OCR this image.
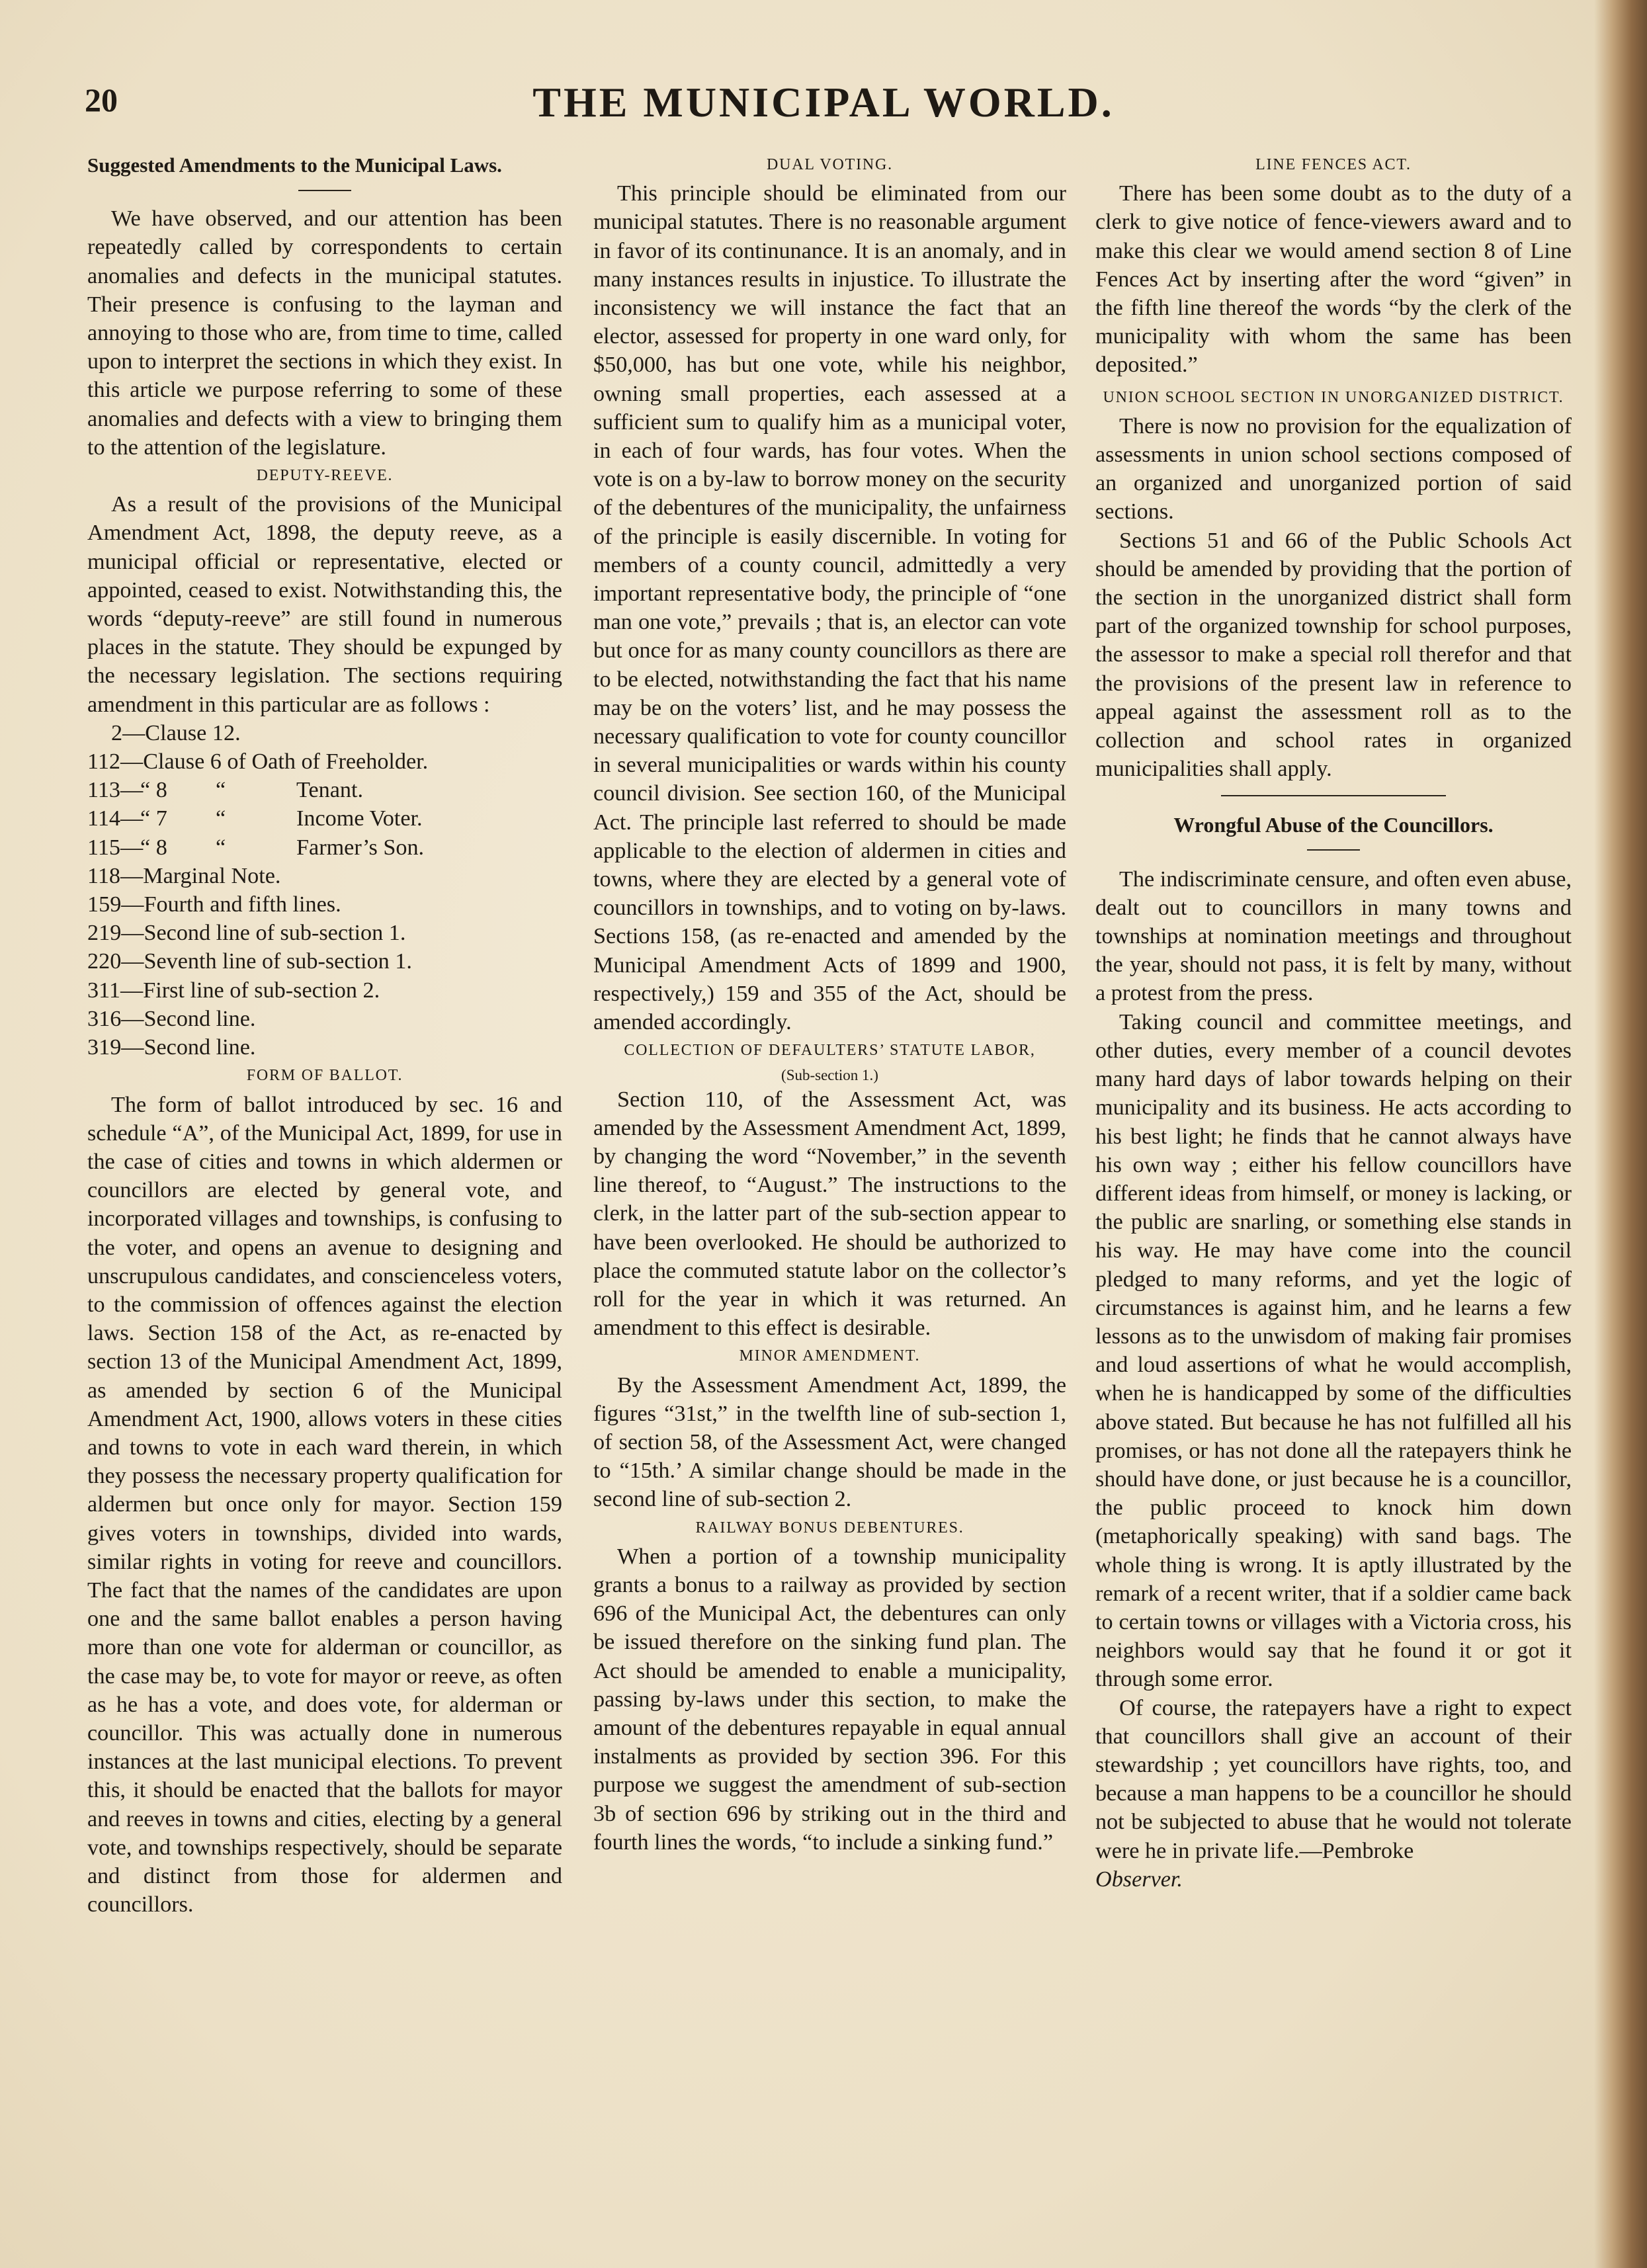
20	THE MUNICIPAL WORLD.
Suggested Amendments to the Municipal Laws.

We have observed, and our attention has been repeatedly called by correspondents to certain anomalies and defects in the municipal statutes. Their presence is confusing to the layman and annoying to those who are, from time to time, called upon to interpret the sections in which they exist. In this article we purpose referring to some of these anomalies and defects with a view to bringing them to the attention of the legislature.

DEPUTY-REEVE.

As a result of the provisions of the Municipal Amendment Act, 1898, the deputy reeve, as a municipal official or representative, elected or appointed, ceased to exist. Notwithstanding this, the words “deputy-reeve” are still found in numerous places in the statute. They should be expunged by the necessary legislation. The sections requiring amendment in this particular are as follows :

2—Clause 12.
112—Clause 6 of Oath of Freeholder.
113—“ 8 “	Tenant.
114—“ 7 “	Income Voter.
115—“ 8 “	Farmer’s Son.
118—Marginal Note.
159—Fourth and fifth lines.
219—Second line of sub-section 1.
220—Seventh line of sub-section 1.
311—First line of sub-section 2.
316—Second line.
319—Second line.
FORM OF BALLOT.

The form of ballot introduced by sec. 16 and schedule “A”, of the Municipal Act, 1899, for use in the case of cities and towns in which aldermen or councillors are elected by general vote, and incorporated villages and townships, is confusing to the voter, and opens an avenue to designing and unscrupulous candidates, and conscienceless voters, to the commission of offences against the election laws. Section 158 of the Act, as re-enacted by section 13 of the Municipal Amendment Act, 1899, as amended by section 6 of the Municipal Amendment Act, 1900, allows voters in these cities and towns to vote in each ward therein, in which they possess the necessary property qualification for aldermen but once only for mayor. Section 159 gives voters in townships, divided into wards, similar rights in voting for reeve and councillors. The fact that the names of the candidates are upon one and the same ballot enables a person having more than one vote for alderman or councillor, as the case may be, to vote for mayor or reeve, as often as he has a vote, and does vote, for alderman or councillor. This was actually done in numerous instances at the last municipal elections. To prevent this, it should be enacted that the ballots for mayor and reeves in towns and cities, electing by a general vote, and townships respectively, should be separate and distinct from those for aldermen and councillors.

DUAL VOTING.

This principle should be eliminated from our municipal statutes. There is no reasonable argument in favor of its continunance. It is an anomaly, and in many instances results in injustice. To illustrate the inconsistency we will instance the fact that an elector, assessed for property in one ward only, for $50,000, has but one vote, while his neighbor, owning small properties, each assessed at a sufficient sum to qualify him as a municipal voter, in each of four wards, has four votes. When the vote is on a by-law to borrow money on the security of the debentures of the municipality, the unfairness of the principle is easily discernible. In voting for members of a county council, admittedly a very important representative body, the principle of “one man one vote,” prevails ; that is, an elector can vote but once for as many county councillors as there are to be elected, notwithstanding the fact that his name may be on the voters’ list, and he may possess the necessary qualification to vote for county councillor in several municipalities or wards within his county council division. See section 160, of the Municipal Act. The principle last referred to should be made applicable to the election of aldermen in cities and towns, where they are elected by a general vote of councillors in townships, and to voting on by-laws. Sections 158, (as re-enacted and amended by the Municipal Amendment Acts of 1899 and 1900, respectively,) 159 and 355 of the Act, should be amended accordingly.

COLLECTION OF DEFAULTERS’ STATUTE LABOR,
(Sub-section 1.)

Section 110, of the Assessment Act, was amended by the Assessment Amendment Act, 1899, by changing the word “November,” in the seventh line thereof, to “August.” The instructions to the clerk, in the latter part of the sub-section appear to have been overlooked. He should be authorized to place the commuted statute labor on the collector’s roll for the year in which it was returned. An amendment to this effect is desirable.

MINOR AMENDMENT.

By the Assessment Amendment Act, 1899, the figures “31st,” in the twelfth line of sub-section 1, of section 58, of the Assessment Act, were changed to “15th.’ A similar change should be made in the second line of sub-section 2.

RAILWAY BONUS DEBENTURES.

When a portion of a township municipality grants a bonus to a railway as provided by section 696 of the Municipal Act, the debentures can only be issued therefore on the sinking fund plan. The Act should be amended to enable a municipality, passing by-laws under this section, to make the amount of the debentures repayable in equal annual instalments as provided by section 396. For this purpose we suggest the amendment of sub-section 3b of section 696 by striking out in the third and fourth lines the words, “to include a sinking fund.”

LINE FENCES ACT.

There has been some doubt as to the duty of a clerk to give notice of fence-viewers award and to make this clear we would amend section 8 of Line Fences Act by inserting after the word “given” in the fifth line thereof the words “by the clerk of the municipality with whom the same has been deposited.”

UNION SCHOOL SECTION IN UNORGANIZED DISTRICT.

There is now no provision for the equalization of assessments in union school sections composed of an organized and unorganized portion of said sections.

Sections 51 and 66 of the Public Schools Act should be amended by providing that the portion of the section in the unorganized district shall form part of the organized township for school purposes, the assessor to make a special roll therefor and that the provisions of the present law in reference to appeal against the assessment roll as to the collection and school rates in organized municipalities shall apply.

Wrongful Abuse of the Councillors.

The indiscriminate censure, and often even abuse, dealt out to councillors in many towns and townships at nomination meetings and throughout the year, should not pass, it is felt by many, without a protest from the press.

Taking council and committee meetings, and other duties, every member of a council devotes many hard days of labor towards helping on their municipality and its business. He acts according to his best light; he finds that he cannot always have his own way ; either his fellow councillors have different ideas from himself, or money is lacking, or the public are snarling, or something else stands in his way. He may have come into the council pledged to many reforms, and yet the logic of circumstances is against him, and he learns a few lessons as to the unwisdom of making fair promises and loud assertions of what he would accomplish, when he is handicapped by some of the difficulties above stated. But because he has not fulfilled all his promises, or has not done all the ratepayers think he should have done, or just because he is a councillor, the public proceed to knock him down (metaphorically speaking) with sand bags. The whole thing is wrong. It is aptly illustrated by the remark of a recent writer, that if a soldier came back to certain towns or villages with a Victoria cross, his neighbors would say that he found it or got it through some error.

Of course, the ratepayers have a right to expect that councillors shall give an account of their stewardship ; yet councillors have rights, too, and because a man happens to be a councillor he should not be subjected to abuse that he would not tolerate were he in private life.—Pembroke
Observer.
